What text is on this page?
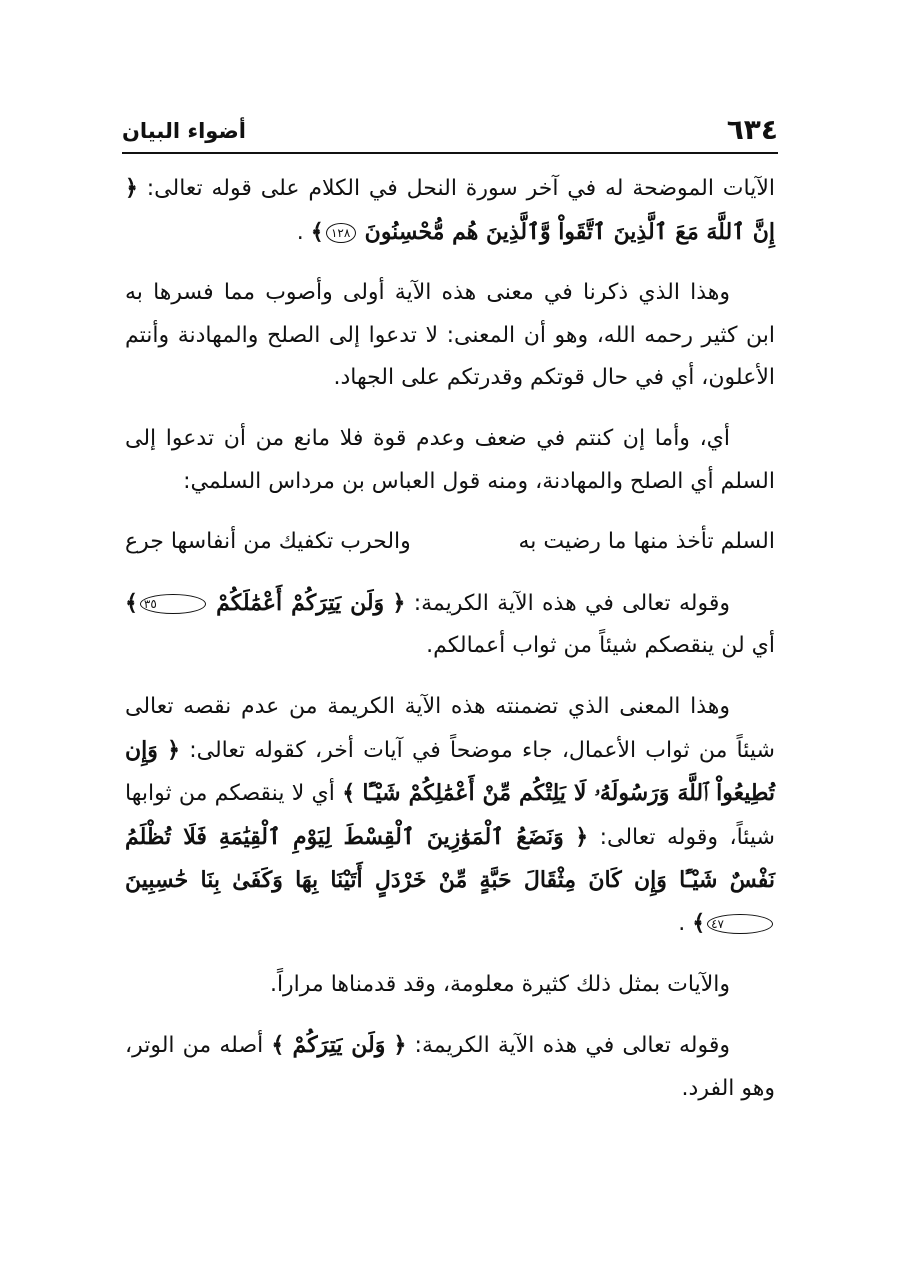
٦٣٤
أضواء البيان

الآيات الموضحة له في آخر سورة النحل في الكلام على قوله تعالى: ﴿ إِنَّ ٱللَّهَ مَعَ ٱلَّذِينَ ٱتَّقَواْ وَّٱلَّذِينَ هُم مُّحْسِنُونَ ١٢٨﴾ .

وهذا الذي ذكرنا في معنى هذه الآية أولى وأصوب مما فسرها به ابن كثير رحمه الله، وهو أن المعنى: لا تدعوا إلى الصلح والمهادنة وأنتم الأعلون، أي في حال قوتكم وقدرتكم على الجهاد.

أي، وأما إن كنتم في ضعف وعدم قوة فلا مانع من أن تدعوا إلى السلم أي الصلح والمهادنة، ومنه قول العباس بن مرداس السلمي:

السلم تأخذ منها ما رضيت به
والحرب تكفيك من أنفاسها جرع

وقوله تعالى في هذه الآية الكريمة: ﴿ وَلَن يَتِرَكُمْ أَعْمَٰلَكُمْ ٣٥﴾ أي لن ينقصكم شيئاً من ثواب أعمالكم.

وهذا المعنى الذي تضمنته هذه الآية الكريمة من عدم نقصه تعالى شيئاً من ثواب الأعمال، جاء موضحاً في آيات أخر، كقوله تعالى: ﴿ وَإِن تُطِيعُواْ ٱللَّهَ وَرَسُولَهُۥ لَا يَلِتْكُم مِّنْ أَعْمَٰلِكُمْ شَيْـًٔا ﴾ أي لا ينقصكم من ثوابها شيئاً، وقوله تعالى: ﴿ وَنَضَعُ ٱلْمَوَٰزِينَ ٱلْقِسْطَ لِيَوْمِ ٱلْقِيَٰمَةِ فَلَا تُظْلَمُ نَفْسٌ شَيْـًٔا وَإِن كَانَ مِثْقَالَ حَبَّةٍ مِّنْ خَرْدَلٍ أَتَيْنَا بِهَا وَكَفَىٰ بِنَا حَٰسِبِينَ ٤٧﴾ .

والآيات بمثل ذلك كثيرة معلومة، وقد قدمناها مراراً.

وقوله تعالى في هذه الآية الكريمة: ﴿ وَلَن يَتِرَكُمْ ﴾ أصله من الوتر، وهو الفرد.
